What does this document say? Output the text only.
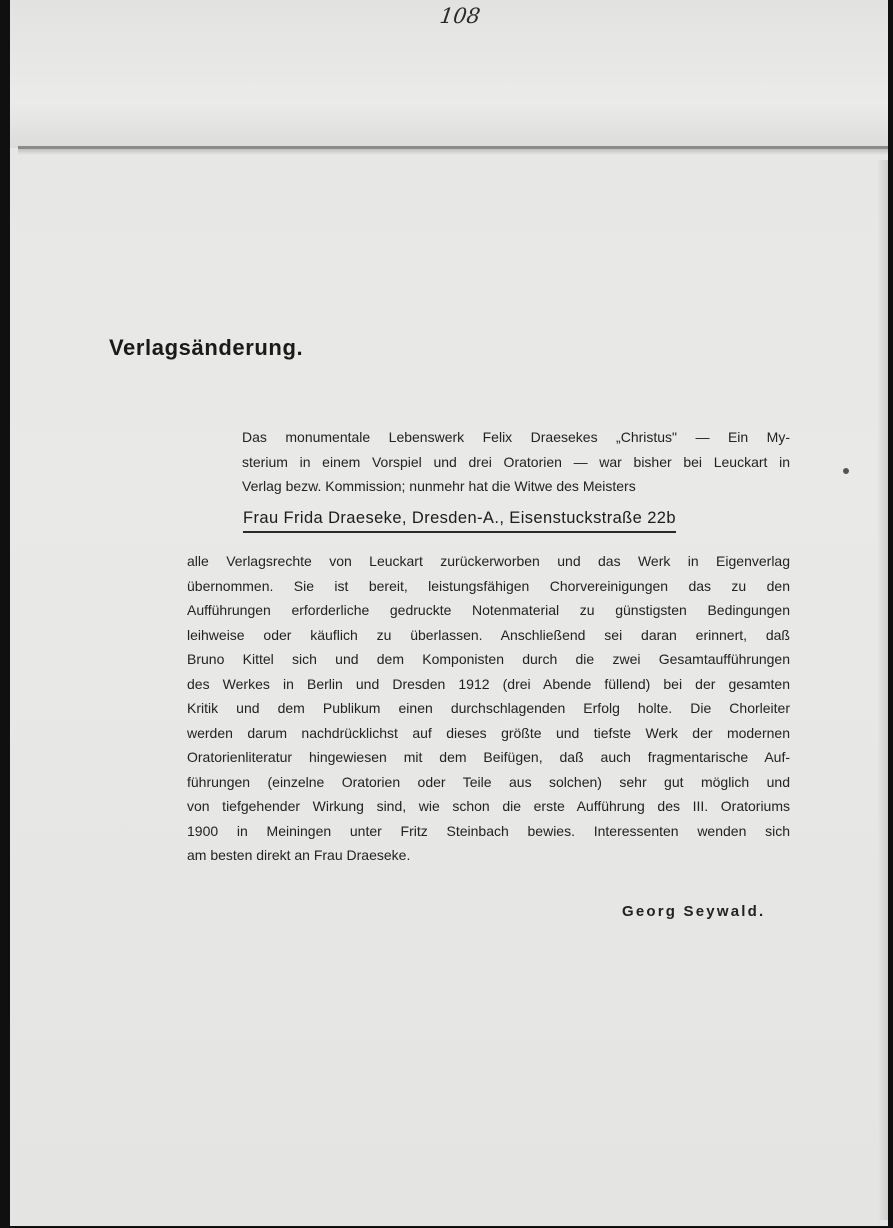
108
Verlagsänderung.
Das monumentale Lebenswerk Felix Draesekes „Christus" — Ein My-
sterium in einem Vorspiel und drei Oratorien — war bisher bei Leuckart in
Verlag bezw. Kommission; nunmehr hat die Witwe des Meisters
Frau Frida Draeseke, Dresden-A., Eisenstuckstraße 22b
alle Verlagsrechte von Leuckart zurückerworben und das Werk in Eigenverlag
übernommen. Sie ist bereit, leistungsfähigen Chorvereinigungen das zu den
Aufführungen erforderliche gedruckte Notenmaterial zu günstigsten Bedingungen
leihweise oder käuflich zu überlassen. Anschließend sei daran erinnert, daß
Bruno Kittel sich und dem Komponisten durch die zwei Gesamtaufführungen
des Werkes in Berlin und Dresden 1912 (drei Abende füllend) bei der gesamten
Kritik und dem Publikum einen durchschlagenden Erfolg holte. Die Chorleiter
werden darum nachdrücklichst auf dieses größte und tiefste Werk der modernen
Oratorienliteratur hingewiesen mit dem Beifügen, daß auch fragmentarische Auf-
führungen (einzelne Oratorien oder Teile aus solchen) sehr gut möglich und
von tiefgehender Wirkung sind, wie schon die erste Aufführung des III. Oratoriums
1900 in Meiningen unter Fritz Steinbach bewies. Interessenten wenden sich
am besten direkt an Frau Draeseke.
Georg Seywald.
